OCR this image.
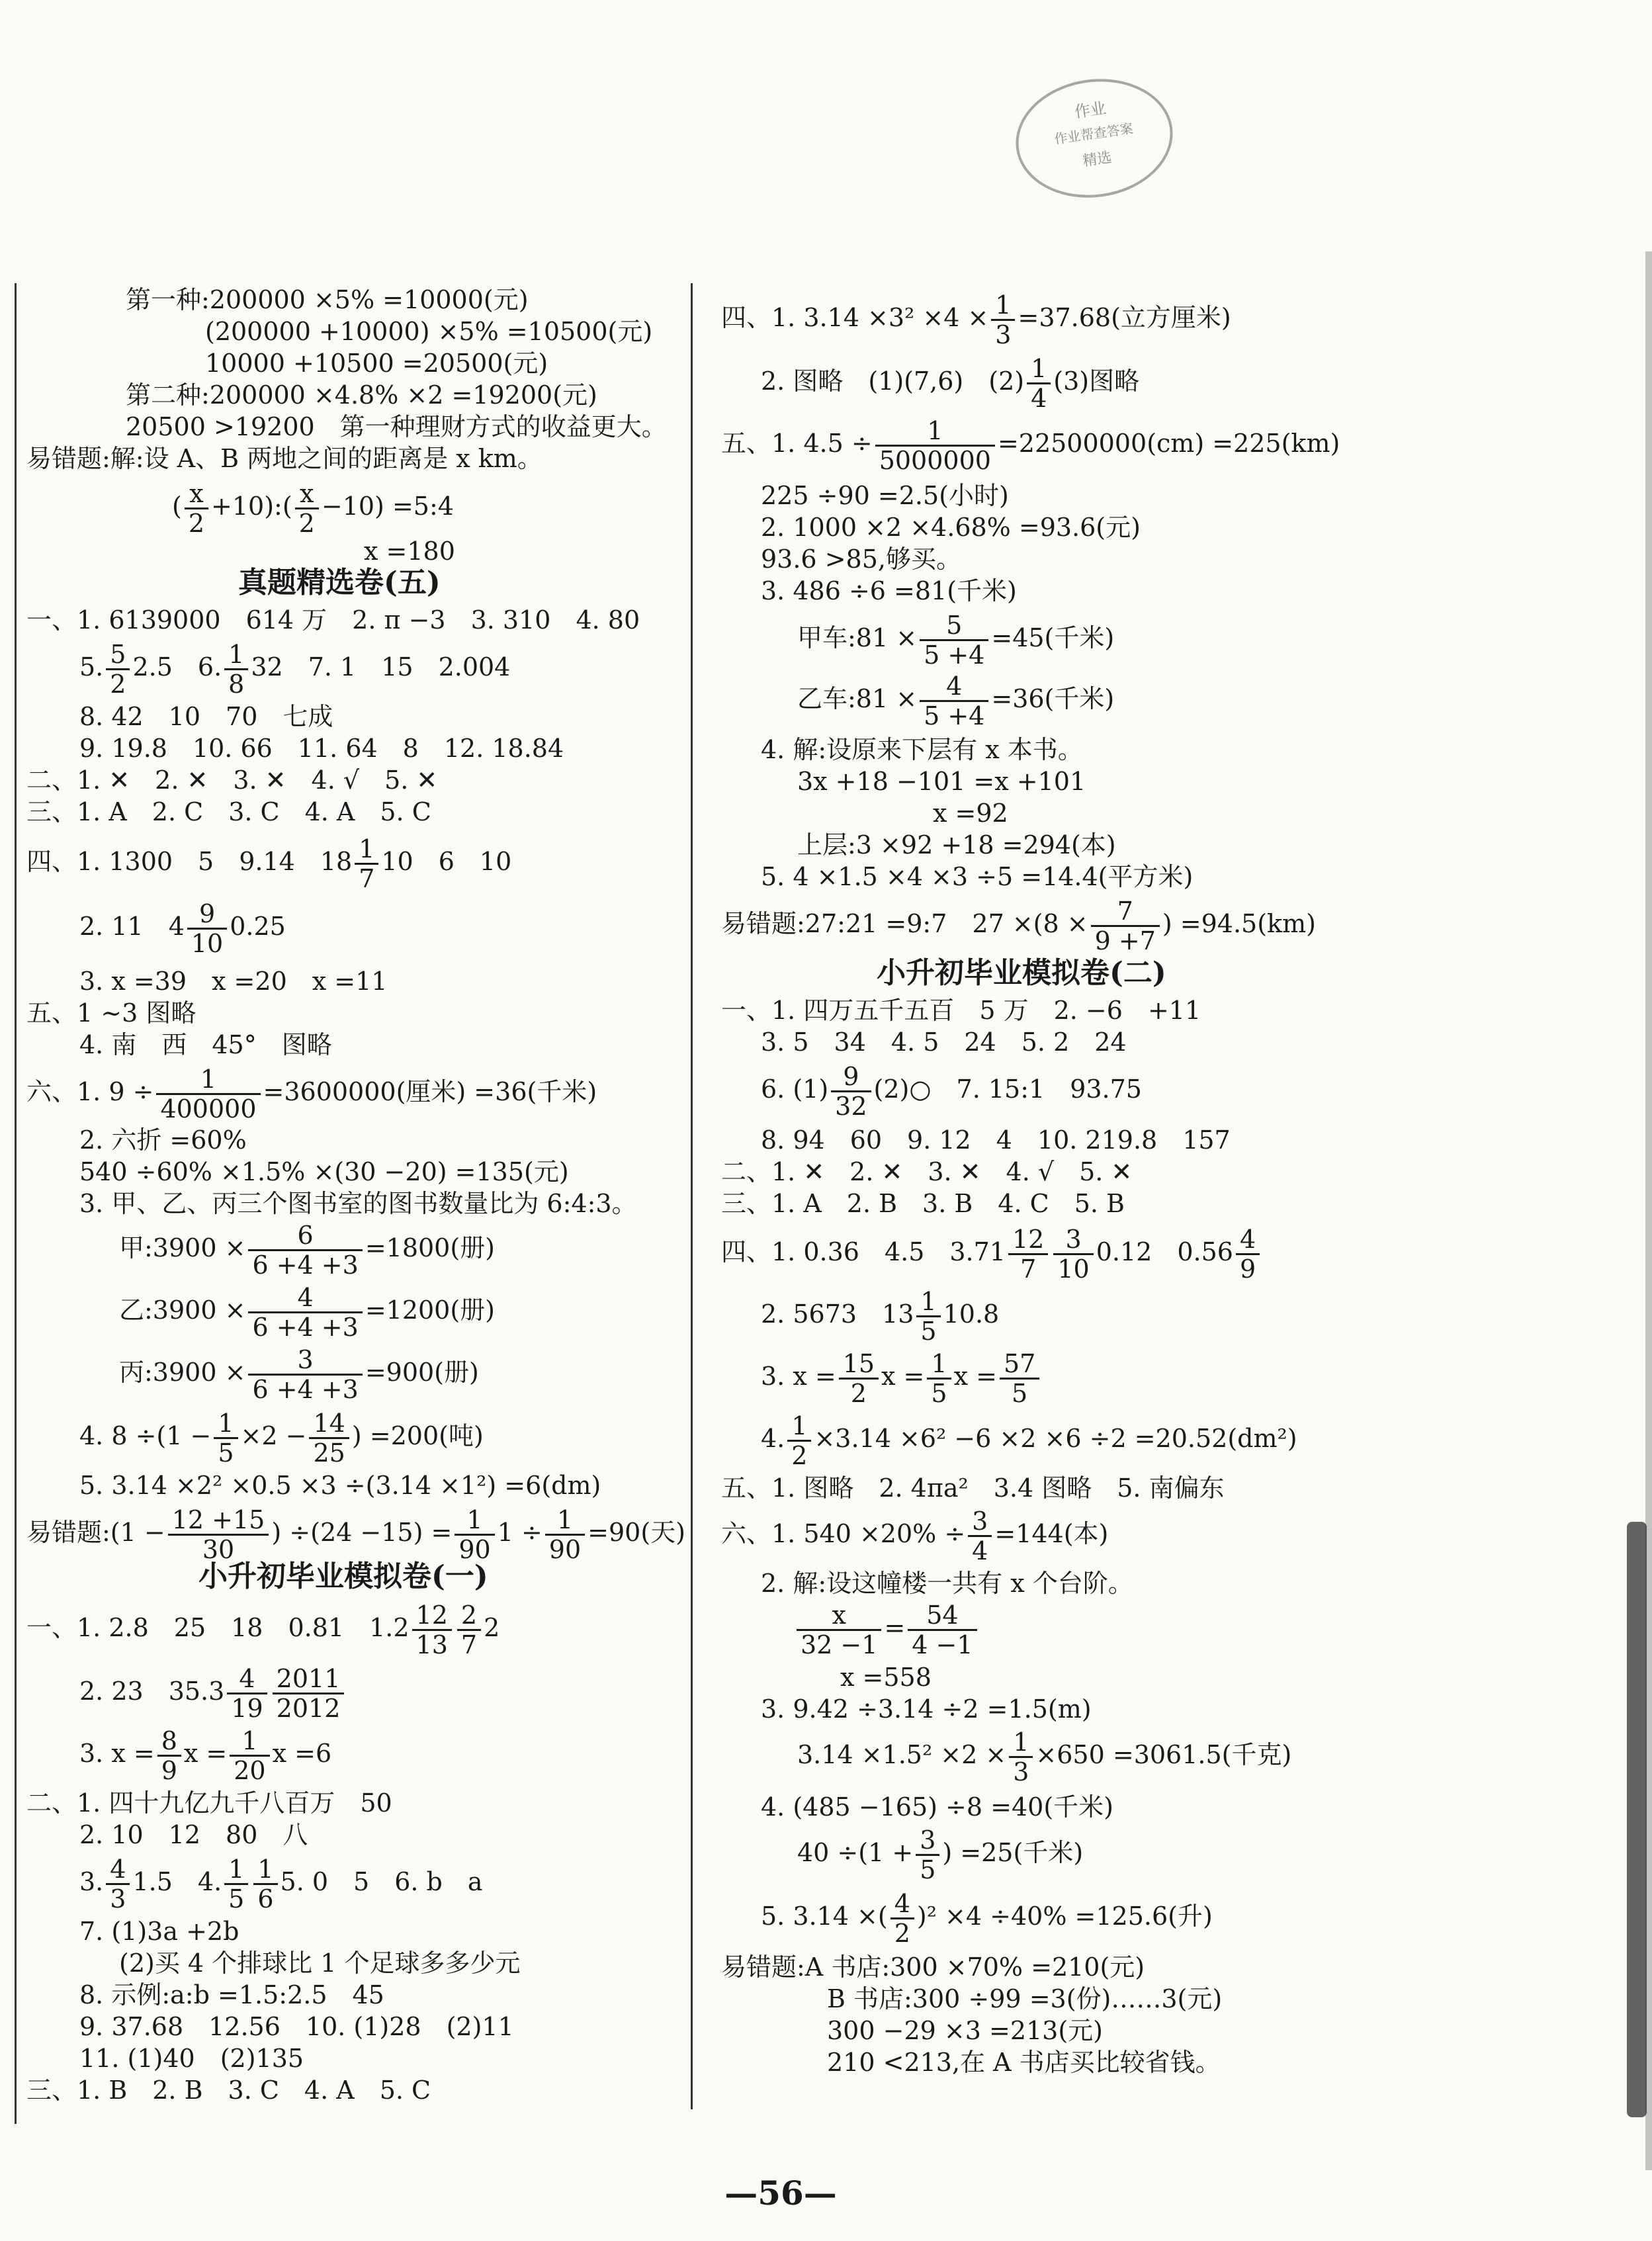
作业
作业帮查答案
精选
第一种:200000 ×5% =10000(元)
(200000 +10000) ×5% =10500(元)
10000 +10500 =20500(元)
第二种:200000 ×4.8% ×2 =19200(元)
20500 >19200　第一种理财方式的收益更大。
易错题:解:设 A、B 两地之间的距离是 x km。
( $\frac{x}{2}$ +10):( $\frac{x}{2} -10$) =5:4
x =180
真题精选卷(五)
一、1. 6139000　614 万　2. π −3　3. 310　4. 80
5. $\frac{5}{2} 2.5$　6. $\frac{1}{8} 32$　7. 1　15　2.004
8. 42　10　70　七成
9. 19.8　10. 66　11. 64　8　12. 18.84
二、1. ✕　2. ✕　3. ✕　4. √　5. ✕
三、1. A　2. C　3. C　4. A　5. C
四、1. 1300　5　9.14　$18 \frac{1}{7} 10$　6　10
2. 11　$4 \frac{9}{10} 0.25$
3. x =39　x =20　x =11
五、1 ~3 图略
4. 南　西　45°　图略
六、1. $9 \div \frac{1}{400000} =3600000$(厘米) =36(千米)
2. 六折 =60%
540 ÷60% ×1.5% ×(30 −20) =135(元)
3. 甲、乙、丙三个图书室的图书数量比为 6:4:3。
甲:3900 × $\frac{6}{6 +4 +3} =1800$(册)
乙:3900 × $\frac{4}{6 +4 +3} =1200$(册)
丙:3900 × $\frac{3}{6 +4 +3} =900$(册)
4. $8 \div(1 - \frac{1}{5} \times 2 - \frac{14}{25}$ ) =200(吨)
5. 3.14 ×2² ×0.5 ×3 ÷(3.14 ×1²) =6(dm)
易错题:(1 − $\frac{12 +15}{30}$ ) $\div(24 -15) = \frac{1}{90} 1 \div \frac{1}{90} =90$(天)
小升初毕业模拟卷(一)
一、1. 2.8　25　18　0.81　$1.2 \frac{12}{13} \frac{2}{7} 2$
2. 23　$35.3 \frac{4}{19} \frac{2011}{2012}$
3. $x = \frac{8}{9}$ $x = \frac{1}{20}$ x =6
二、1. 四十九亿九千八百万　50
2. 10　12　80　八
3. $\frac{4}{3} 1.5$　4. $\frac{1}{5} \frac{1}{6} 5$. 0　5　6. b　a
7. (1)3a +2b
(2)买 4 个排球比 1 个足球多多少元
8. 示例:a:b =1.5:2.5　45
9. 37.68　12.56　10. (1)28　(2)11
11. (1)40　(2)135
三、1. B　2. B　3. C　4. A　5. C
四、1. $3.14 \times 3^2 \times 4 \times \frac{1}{3} =37.68$(立方厘米)
2. 图略　(1)(7,6)　$(2) \frac{1}{4} (3)$图略
五、1. $4.5 \div \frac{1}{5000000} =22500000(cm) =225(km)$
225 ÷90 =2.5(小时)
2. 1000 ×2 ×4.68% =93.6(元)
93.6 >85,够买。
3. 486 ÷6 =81(千米)
甲车:81 × $\frac{5}{5 +4} =45$(千米)
乙车:81 × $\frac{4}{5 +4} =36$(千米)
4. 解:设原来下层有 x 本书。
3x +18 −101 =x +101
x =92
上层:3 ×92 +18 =294(本)
5. 4 ×1.5 ×4 ×3 ÷5 =14.4(平方米)
易错题:27:21 =9:7　$27 \times(8 \times \frac{7}{9 +7}$ ) =94.5(km)
小升初毕业模拟卷(二)
一、1. 四万五千五百　5 万　2. −6　+11
3. 5　34　4. 5　24　5. 2　24
6. $(1) \frac{9}{32}$ (2)○　7. 15:1　93.75
8. 94　60　9. 12　4　10. 219.8　157
二、1. ✕　2. ✕　3. ✕　4. √　5. ✕
三、1. A　2. B　3. B　4. C　5. B
四、1. 0.36　4.5　$3.71 \frac{12}{7} \frac{3}{10} 0.12$　$0.56 \frac{4}{9}$
2. 5673　$13 \frac{1}{5} 10.8$
3. $x = \frac{15}{2}$ $x = \frac{1}{5}$ $x = \frac{57}{5}$
4. $\frac{1}{2} \times 3.14 \times 6^2 -6 \times 2 \times 6 \div 2 =20.52(dm^2)$
五、1. 图略　2. 4πa²　3.4 图略　5. 南偏东
六、1. $540 \times 20\% \div \frac{3}{4} =144$(本)
2. 解:设这幢楼一共有 x 个台阶。
$\frac{x}{32 -1} = \frac{54}{4 -1}$
x =558
3. 9.42 ÷3.14 ÷2 =1.5(m)
$3.14 \times 1.5^2 \times 2 \times \frac{1}{3} \times 650 =3061.5$(千克)
4. (485 −165) ÷8 =40(千米)
$40 \div(1 + \frac{3}{5}$ ) =25(千米)
5. 3.14 ×( $\frac{4}{2} )^2 \times 4 \div 40\% =125.6$(升)
易错题:A 书店:300 ×70% =210(元)
B 书店:300 ÷99 =3(份)……3(元)
300 −29 ×3 =213(元)
210 <213,在 A 书店买比较省钱。
—56—
